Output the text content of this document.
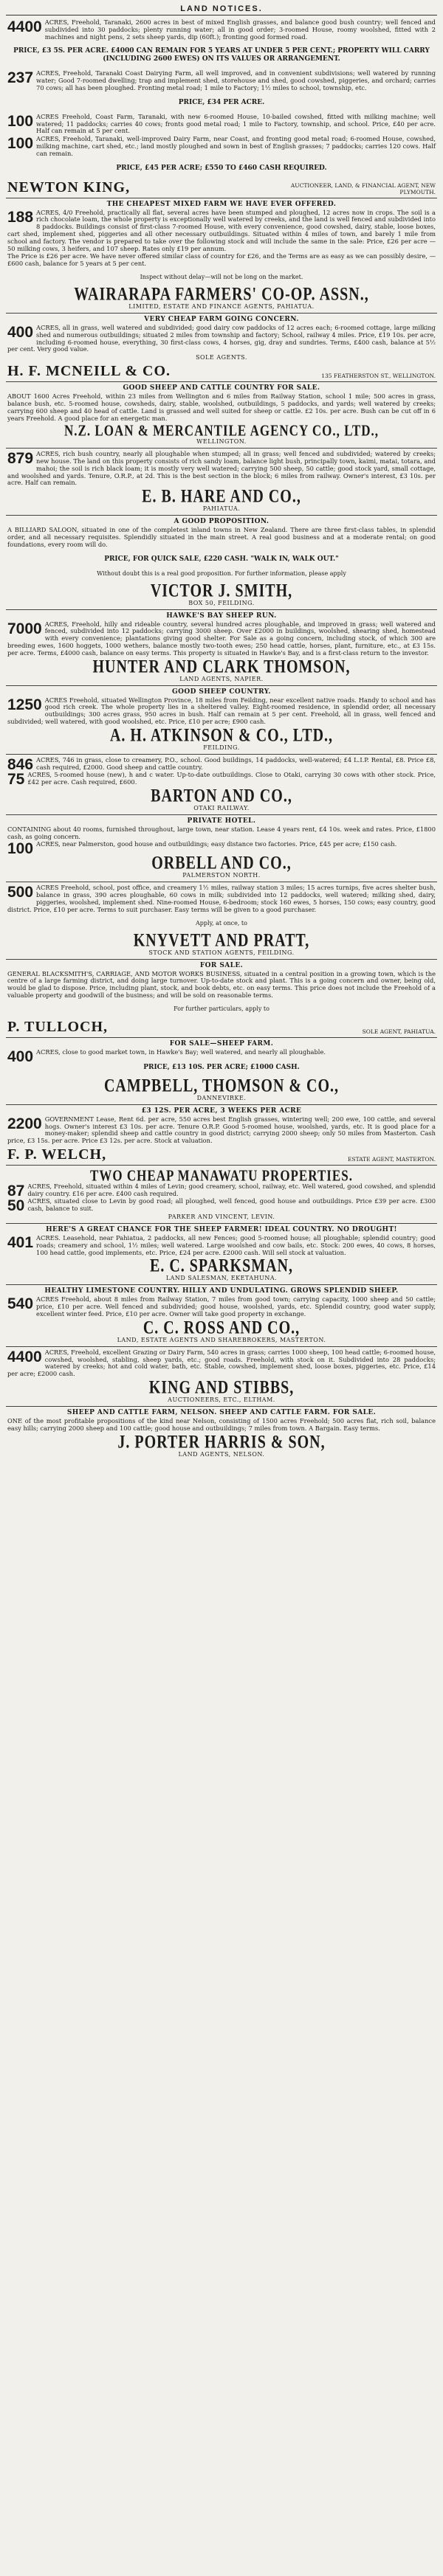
LAND NOTICES.

4400 ACRES, Freehold, Taranaki, 2600 acres in best of mixed English grasses, and balance good bush country; well fenced and subdivided into 30 paddocks; plenty running water; all in good order; 3-roomed House, roomy woolshed, fitted with 2 machines and night pens, 2 sets sheep yards, dip (60ft.); fronting good formed road.

PRICE, £3 5S. PER ACRE. £4000 CAN REMAIN FOR 5 YEARS AT UNDER 5 PER CENT.; PROPERTY WILL CARRY (INCLUDING 2600 EWES) ON ITS VALUES OR ARRANGEMENT.

237 ACRES, Freehold, Taranaki Coast Dairying Farm, all well improved, and in convenient subdivisions; well watered by running water; Good 7-roomed dwelling; trap and implement shed, storehouse and shed, good cowshed, piggeries, and orchard; carries 70 cows; all has been ploughed. Fronting metal road; 1 mile to Factory; 1½ miles to school, township, etc.

PRICE, £34 PER ACRE.

100 ACRES Freehold, Coast Farm, Taranaki, with new 6-roomed House, 10-bailed cowshed, fitted with milking machine; well watered; 11 paddocks; carries 40 cows; fronts good metal road; 1 mile to Factory, township, and school. Price, £40 per acre. Half can remain at 5 per cent.

100 ACRES, Freehold, Taranaki, well-improved Dairy Farm, near Coast, and fronting good metal road; 6-roomed House, cowshed, milking machine, cart shed, etc.; land mostly ploughed and sown in best of English grasses; 7 paddocks; carries 120 cows. Half can remain.

PRICE, £45 PER ACRE; £550 TO £460 CASH REQUIRED.

NEWTON KING,	AUCTIONEER, LAND, & FINANCIAL AGENT, NEW PLYMOUTH.
THE CHEAPEST MIXED FARM WE HAVE EVER OFFERED.

188 ACRES, 4/0 Freehold, practically all flat, several acres have been stumped and ploughed, 12 acres now in crops. The soil is a rich chocolate loam, the whole property is exceptionally well watered by creeks, and the land is well fenced and subdivided into 8 paddocks. Buildings consist of first-class 7-roomed House, with every convenience, good cowshed, dairy, stable, loose boxes, cart shed, implement shed, piggeries and all other necessary outbuildings. Situated within 4 miles of town, and barely 1 mile from school and factory. The vendor is prepared to take over the following stock and will include the same in the sale: Price, £26 per acre — 50 milking cows, 3 heifers, and 107 sheep. Rates only £19 per annum.

The Price is £26 per acre. We have never offered similar class of country for £26, and the Terms are as easy as we can possibly desire, — £600 cash, balance for 5 years at 5 per cent.

Inspect without delay—will not be long on the market.

WAIRARAPA FARMERS' CO-OP. ASSN.,
LIMITED, ESTATE AND FINANCE AGENTS, PAHIATUA.
VERY CHEAP FARM GOING CONCERN.

400 ACRES, all in grass, well watered and subdivided; good dairy cow paddocks of 12 acres each; 6-roomed cottage, large milking shed and numerous outbuildings; situated 2 miles from township and factory; School, railway 4 miles. Price, £19 10s. per acre, including 6-roomed house, everything, 30 first-class cows, 4 horses, gig, dray and sundries. Terms, £400 cash, balance at 5½ per cent. Very good value.

SOLE AGENTS.
H. F. MCNEILL & CO.	135 FEATHERSTON ST., WELLINGTON.
GOOD SHEEP AND CATTLE COUNTRY FOR SALE.

ABOUT 1600 Acres Freehold, within 23 miles from Wellington and 6 miles from Railway Station, school 1 mile; 500 acres in grass, balance bush, etc. 5-roomed house, cowsheds, dairy, stable, woolshed, outbuildings, 5 paddocks, and yards; well watered by creeks; carrying 600 sheep and 40 head of cattle. Land is grassed and well suited for sheep or cattle. £2 10s. per acre. Bush can be cut off in 6 years Freehold. A good place for an energetic man.

N.Z. LOAN & MERCANTILE AGENCY CO., LTD.,
WELLINGTON.

879 ACRES, rich bush country, nearly all ploughable when stumped; all in grass; well fenced and subdivided; watered by creeks; new house. The land on this property consists of rich sandy loam, balance light bush, principally town, kaimi, matai, totara, and mahoi; the soil is rich black loam; it is mostly very well watered; carrying 500 sheep, 50 cattle; good stock yard, small cottage, and woolshed and yards. Tenure, O.R.P., at 2d. This is the best section in the block; 6 miles from railway. Owner's interest, £3 10s. per acre. Half can remain.

E. B. HARE AND CO.,
PAHIATUA.
A GOOD PROPOSITION.

A BILLIARD SALOON, situated in one of the completest inland towns in New Zealand. There are three first-class tables, in splendid order, and all necessary requisites. Splendidly situated in the main street. A real good business and at a moderate rental; on good foundations, every room will do.

PRICE, FOR QUICK SALE, £220 CASH. "WALK IN, WALK OUT."

Without doubt this is a real good proposition. For further information, please apply

VICTOR J. SMITH,
BOX 50, FEILDING.
HAWKE'S BAY SHEEP RUN.

7000 ACRES, Freehold, hilly and rideable country, several hundred acres ploughable, and improved in grass; well watered and fenced, subdivided into 12 paddocks; carrying 3000 sheep. Over £2000 in buildings, woolshed, shearing shed, homestead with every convenience; plantations giving good shelter. For Sale as a going concern, including stock, of which 300 are breeding ewes, 1600 hoggets, 1000 wethers, balance mostly two-tooth ewes; 250 head cattle, horses, plant, furniture, etc., at £3 15s. per acre. Terms, £4000 cash, balance on easy terms. This property is situated in Hawke's Bay, and is a first-class return to the investor.

HUNTER AND CLARK THOMSON,
LAND AGENTS, NAPIER.
GOOD SHEEP COUNTRY.

1250 ACRES Freehold, situated Wellington Province, 18 miles from Feilding, near excellent native roads. Handy to school and has good rich creek. The whole property lies in a sheltered valley. Eight-roomed residence, in splendid order, all necessary outbuildings; 300 acres grass, 950 acres in bush. Half can remain at 5 per cent. Freehold, all in grass, well fenced and subdivided; well watered, with good woolshed, etc. Price, £10 per acre; £900 cash.

A. H. ATKINSON & CO., LTD.,
FEILDING.

846 ACRES, 746 in grass, close to creamery, P.O., school. Good buildings, 14 paddocks, well-watered; £4 L.I.P. Rental, £8. Price £8, cash required, £2000. Good sheep and cattle country.

75 ACRES, 5-roomed house (new), h and c water. Up-to-date outbuildings. Close to Otaki, carrying 30 cows with other stock. Price, £42 per acre. Cash required, £600.

BARTON AND CO.,
OTAKI RAILWAY.
PRIVATE HOTEL.

CONTAINING about 40 rooms, furnished throughout, large town, near station. Lease 4 years rent, £4 10s. week and rates. Price, £1800 cash, as going concern.

100 ACRES, near Palmerston, good house and outbuildings; easy distance two factories. Price, £45 per acre; £150 cash.

ORBELL AND CO.,
PALMERSTON NORTH.

500 ACRES Freehold, school, post office, and creamery 1½ miles, railway station 3 miles; 15 acres turnips, five acres shelter bush, balance in grass, 390 acres ploughable, 60 cows in milk; subdivided into 12 paddocks, well watered; milking shed, dairy, piggeries, woolshed, implement shed. Nine-roomed House, 6-bedroom; stock 160 ewes, 5 horses, 150 cows; easy country, good district. Price, £10 per acre. Terms to suit purchaser. Easy terms will be given to a good purchaser.

Apply, at once, to

KNYVETT AND PRATT,
STOCK AND STATION AGENTS, FEILDING.
FOR SALE.

GENERAL BLACKSMITH'S, CARRIAGE, AND MOTOR WORKS BUSINESS, situated in a central position in a growing town, which is the centre of a large farming district, and doing large turnover. Up-to-date stock and plant. This is a going concern and owner, being old, would be glad to dispose. Price, including plant, stock, and book debts, etc. on easy terms. This price does not include the Freehold of a valuable property and goodwill of the business; and will be sold on reasonable terms.

For further particulars, apply to

P. TULLOCH,	SOLE AGENT, PAHIATUA.
FOR SALE—SHEEP FARM.

400 ACRES, close to good market town, in Hawke's Bay; well watered, and nearly all ploughable.

PRICE, £13 10S. PER ACRE; £1000 CASH.

CAMPBELL, THOMSON & CO.,
DANNEVIRKE.
£3 12S. PER ACRE, 3 WEEKS PER ACRE

2200 GOVERNMENT Lease, Rent 6d. per acre, 550 acres best English grasses, wintering well; 200 ewe, 100 cattle, and several hogs. Owner's interest £3 10s. per acre. Tenure O.R.P. Good 5-roomed house, woolshed, yards, etc. It is good place for a money-maker; splendid sheep and cattle country in good district; carrying 2000 sheep; only 50 miles from Masterton. Cash price, £3 15s. per acre. Price £3 12s. per acre. Stock at valuation.

F. P. WELCH,	ESTATE AGENT, MASTERTON.
TWO CHEAP MANAWATU PROPERTIES.

87 ACRES, Freehold, situated within 4 miles of Levin; good creamery, school, railway, etc. Well watered, good cowshed, and splendid dairy country. £16 per acre. £400 cash required.

50 ACRES, situated close to Levin by good road; all ploughed, well fenced, good house and outbuildings. Price £39 per acre. £300 cash, balance to suit.

PARKER AND VINCENT, LEVIN.
HERE'S A GREAT CHANCE FOR THE SHEEP FARMER! IDEAL COUNTRY. NO DROUGHT!

401 ACRES. Leasehold, near Pahiatua, 2 paddocks, all new Fences; good 5-roomed house; all ploughable; splendid country; good roads; creamery and school, 1½ miles; well watered. Large woolshed and cow bails, etc. Stock: 200 ewes, 40 cows, 8 horses, 100 head cattle, good implements, etc. Price, £24 per acre. £2000 cash. Will sell stock at valuation.

E. C. SPARKSMAN,
LAND SALESMAN, EKETAHUNA.
HEALTHY LIMESTONE COUNTRY. HILLY AND UNDULATING. GROWS SPLENDID SHEEP.

540 ACRES Freehold, about 8 miles from Railway Station, 7 miles from good town; carrying capacity, 1000 sheep and 50 cattle; price, £10 per acre. Well fenced and subdivided; good house, woolshed, yards, etc. Splendid country, good water supply, excellent winter feed. Price, £10 per acre. Owner will take good property in exchange.

C. C. ROSS AND CO.,
LAND, ESTATE AGENTS AND SHAREBROKERS, MASTERTON.

4400 ACRES, Freehold, excellent Grazing or Dairy Farm, 540 acres in grass; carries 1000 sheep, 100 head cattle; 6-roomed house, cowshed, woolshed, stabling, sheep yards, etc.; good roads. Freehold, with stock on it. Subdivided into 28 paddocks; watered by creeks; hot and cold water, bath, etc. Stable, cowshed, implement shed, loose boxes, piggeries, etc. Price, £14 per acre; £2000 cash.

KING AND STIBBS,
AUCTIONEERS, ETC., ELTHAM.
SHEEP AND CATTLE FARM, NELSON. SHEEP AND CATTLE FARM. FOR SALE.

ONE of the most profitable propositions of the kind near Nelson, consisting of 1500 acres Freehold; 500 acres flat, rich soil, balance easy hills; carrying 2000 sheep and 100 cattle; good house and outbuildings; 7 miles from town. A Bargain. Easy terms.

J. PORTER HARRIS & SON,
LAND AGENTS, NELSON.
